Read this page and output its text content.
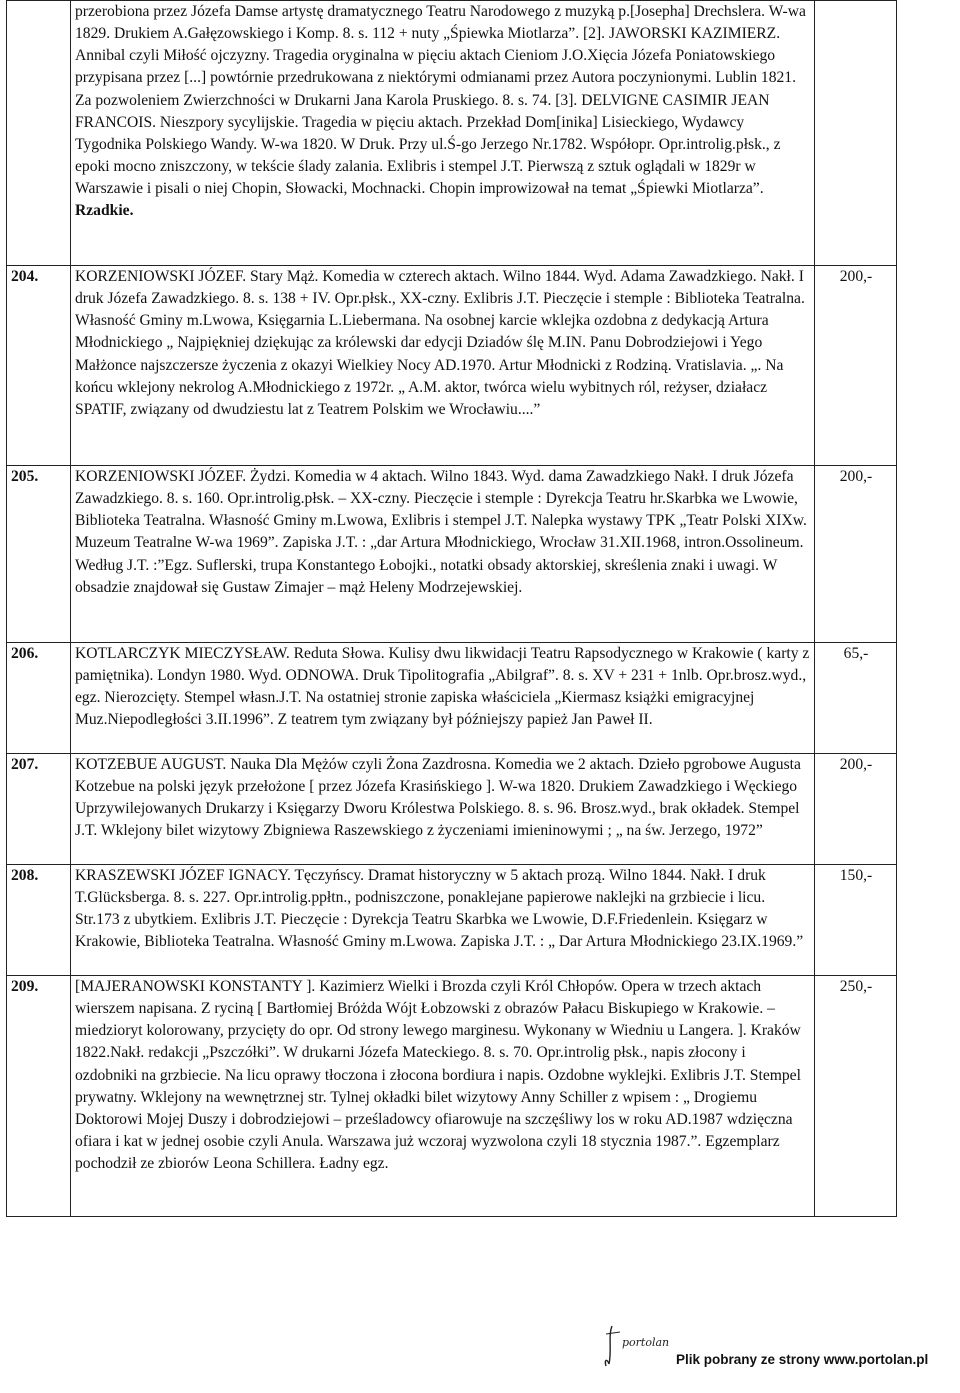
	przerobiona przez Józefa Damse artystę dramatycznego Teatru Narodowego z muzyką p.[Josepha] Drechslera. W-wa 1829. Drukiem A.Gałęzowskiego i Komp. 8. s. 112 + nuty „Śpiewka Miotlarza”. [2]. JAWORSKI KAZIMIERZ. Annibal czyli Miłość ojczyzny. Tragedia oryginalna w pięciu aktach Cieniom J.O.Xięcia Józefa Poniatowskiego przypisana przez [...] powtórnie przedrukowana z niektórymi odmianami przez Autora poczynionymi. Lublin 1821. Za pozwoleniem Zwierzchności w Drukarni Jana Karola Pruskiego. 8. s. 74. [3]. DELVIGNE CASIMIR JEAN FRANCOIS. Nieszpory sycylijskie. Tragedia w pięciu aktach. Przekład Dom[inika] Lisieckiego, Wydawcy Tygodnika Polskiego Wandy. W-wa 1820. W Druk. Przy ul.Ś-go Jerzego Nr.1782. Współopr. Opr.introlig.płsk., z epoki mocno zniszczony, w tekście ślady zalania. Exlibris i stempel J.T. Pierwszą z sztuk oglądali w 1829r w Warszawie i pisali o niej Chopin, Słowacki, Mochnacki. Chopin improwizował na temat „Śpiewki Miotlarza”. Rzadkie.	
204.	KORZENIOWSKI JÓZEF. Stary Mąż. Komedia w czterech aktach. Wilno 1844. Wyd. Adama Zawadzkiego. Nakł. I druk Józefa Zawadzkiego. 8. s. 138 + IV. Opr.płsk., XX-czny. Exlibris J.T. Pieczęcie i stemple : Biblioteka Teatralna. Własność Gminy m.Lwowa, Księgarnia L.Liebermana. Na osobnej karcie wklejka ozdobna z dedykacją Artura Młodnickiego „ Najpiękniej dziękując za królewski dar edycji Dziadów ślę M.IN. Panu Dobrodziejowi i Yego Małżonce najszczersze życzenia z okazyi Wielkiey Nocy AD.1970. Artur Młodnicki z Rodziną. Vratislavia. „. Na końcu wklejony nekrolog A.Młodnickiego z 1972r. „ A.M. aktor, twórca wielu wybitnych ról, reżyser, działacz SPATIF, związany od dwudziestu lat z Teatrem Polskim we Wrocławiu....”	200,-
205.	KORZENIOWSKI JÓZEF. Żydzi. Komedia w 4 aktach. Wilno 1843. Wyd. dama Zawadzkiego Nakł. I druk Józefa Zawadzkiego. 8. s. 160. Opr.introlig.płsk. – XX-czny. Pieczęcie i stemple : Dyrekcja Teatru hr.Skarbka we Lwowie, Biblioteka Teatralna. Własność Gminy m.Lwowa, Exlibris i stempel J.T. Nalepka wystawy TPK „Teatr Polski XIXw. Muzeum Teatralne W-wa 1969”. Zapiska J.T. : „dar Artura Młodnickiego, Wrocław 31.XII.1968, intron.Ossolineum. Według J.T. :”Egz. Suflerski, trupa Konstantego Łobojki., notatki obsady aktorskiej, skreślenia znaki i uwagi. W obsadzie znajdował się Gustaw Zimajer – mąż Heleny Modrzejewskiej.	200,-
206.	KOTLARCZYK MIECZYSŁAW. Reduta Słowa. Kulisy dwu likwidacji Teatru Rapsodycznego w Krakowie ( karty z pamiętnika). Londyn 1980. Wyd. ODNOWA. Druk Tipolitografia „Abilgraf”. 8. s. XV + 231 + 1nlb. Opr.brosz.wyd., egz. Nierozcięty. Stempel własn.J.T. Na ostatniej stronie zapiska właściciela „Kiermasz książki emigracyjnej Muz.Niepodległości 3.II.1996”. Z teatrem tym związany był późniejszy papież Jan Paweł II.	65,-
207.	KOTZEBUE AUGUST. Nauka Dla Mężów czyli Żona Zazdrosna. Komedia we 2 aktach. Dzieło pgrobowe Augusta Kotzebue na polski język przełożone [ przez Józefa Krasińskiego ]. W-wa 1820. Drukiem Zawadzkiego i Węckiego Uprzywilejowanych Drukarzy i Księgarzy Dworu Królestwa Polskiego. 8. s. 96. Brosz.wyd., brak okładek. Stempel J.T. Wklejony bilet wizytowy Zbigniewa Raszewskiego z życzeniami imieninowymi ; „ na św. Jerzego, 1972”	200,-
208.	KRASZEWSKI JÓZEF IGNACY. Tęczyńscy. Dramat historyczny w 5 aktach prozą. Wilno 1844. Nakł. I druk T.Glücksberga. 8. s. 227. Opr.introlig.ppłtn., podniszczone, ponaklejane papierowe naklejki na grzbiecie i licu. Str.173 z ubytkiem. Exlibris J.T. Pieczęcie : Dyrekcja Teatru Skarbka we Lwowie, D.F.Friedenlein. Księgarz w Krakowie, Biblioteka Teatralna. Własność Gminy m.Lwowa. Zapiska J.T. : „ Dar Artura Młodnickiego 23.IX.1969.”	150,-
209.	[MAJERANOWSKI KONSTANTY ]. Kazimierz Wielki i Brozda czyli Król Chłopów. Opera w trzech aktach wierszem napisana. Z ryciną [ Bartłomiej Bróżda Wójt Łobzowski z obrazów Pałacu Biskupiego w Krakowie. – miedzioryt kolorowany, przycięty do opr. Od strony lewego marginesu. Wykonany w Wiedniu u Langera. ]. Kraków 1822.Nakł. redakcji „Pszczółki”. W drukarni Józefa Mateckiego. 8. s. 70. Opr.introlig płsk., napis złocony i ozdobniki na grzbiecie. Na licu oprawy tłoczona i złocona bordiura i napis. Ozdobne wyklejki. Exlibris J.T. Stempel prywatny. Wklejony na wewnętrznej str. Tylnej okładki bilet wizytowy Anny Schiller z wpisem : „ Drogiemu Doktorowi Mojej Duszy i dobrodziejowi – prześladowcy ofiarowuje na szczęśliwy los w roku AD.1987 wdzięczna ofiara i kat w jednej osobie czyli Anula. Warszawa już wczoraj wyzwolona czyli 18 stycznia 1987.”. Egzemplarz pochodził ze zbiorów Leona Schillera. Ładny egz.	250,-
portolan
Plik pobrany ze strony www.portolan.pl
